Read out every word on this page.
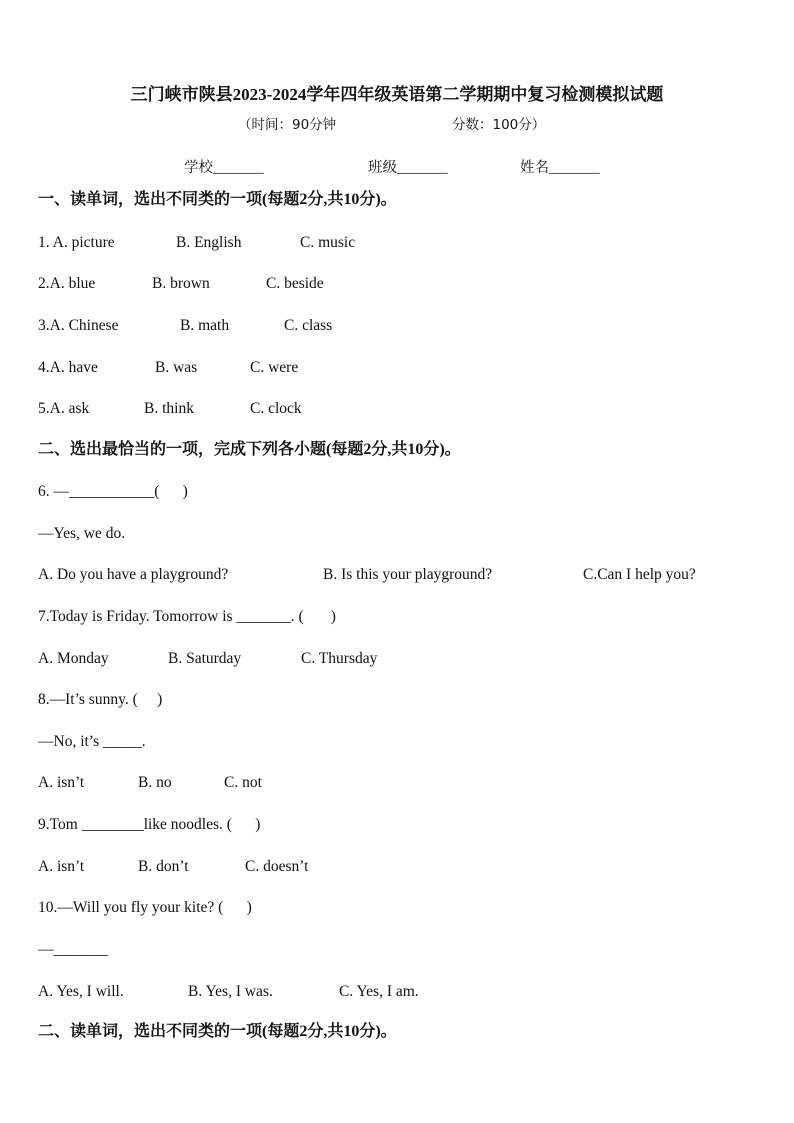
三门峡市陕县2023-2024学年四年级英语第二学期期中复习检测模拟试题
（时间：90分钟	分数：100分）
学校_______	班级_______	姓名_______
一、读单词，选出不同类的一项(每题2分,共10分)。
1. A. picture	B. English	C. music
2.A. blue	B. brown	C. beside
3.A. Chinese	B. math	C. class
4.A. have	B. was	C. were
5.A. ask	B. think	C. clock
二、选出最恰当的一项，完成下列各小题(每题2分,共10分)。
6. —___________(      )
—Yes, we do.
A. Do you have a playground?	B. Is this your playground?	C.Can I help you?
7.Today is Friday. Tomorrow is _______. (       )
A. Monday	B. Saturday	C. Thursday
8.—It’s sunny. (     )
—No, it’s _____.
A. isn’t	B. no	C. not
9.Tom ________like noodles. (      )
A. isn’t	B. don’t	C. doesn’t
10.—Will you fly your kite? (      )
—_______
A. Yes, I will.	B. Yes, I was.	C. Yes, I am.
二、读单词，选出不同类的一项(每题2分,共10分)。
